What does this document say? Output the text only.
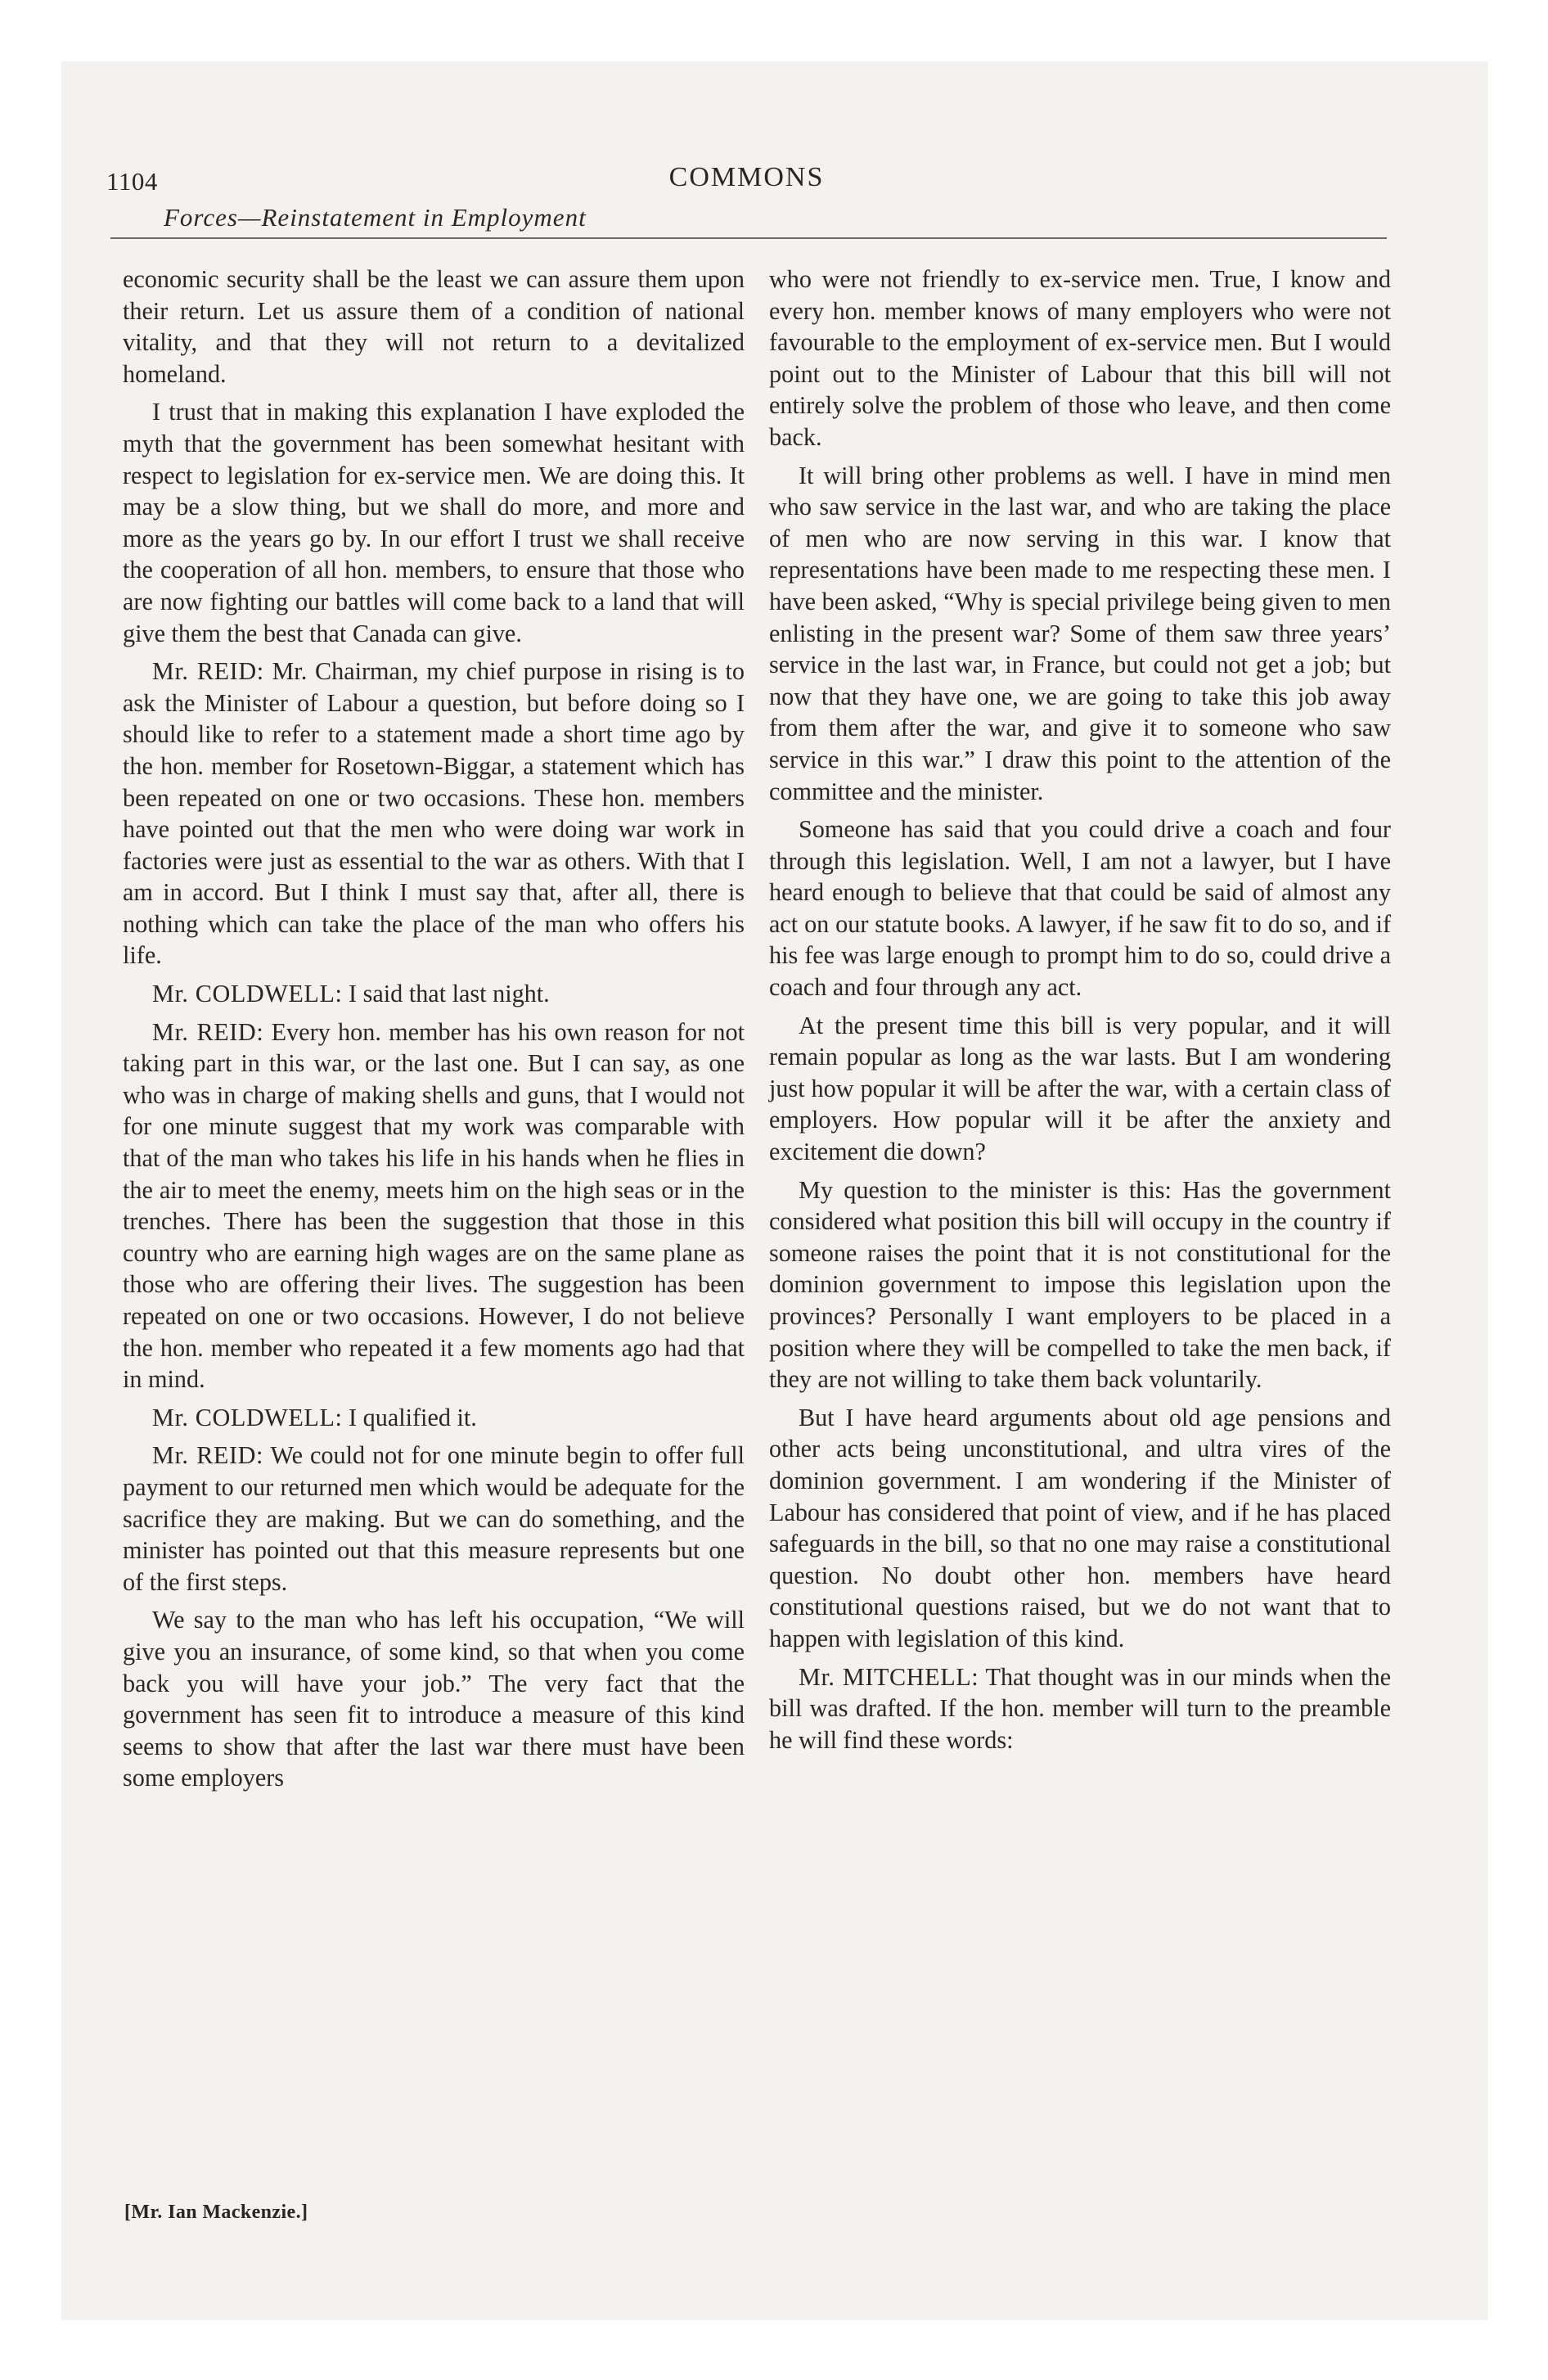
1104	COMMONS
Forces—Reinstatement in Employment

economic security shall be the least we can assure them upon their return. Let us assure them of a condition of national vitality, and that they will not return to a devitalized homeland.

I trust that in making this explanation I have exploded the myth that the government has been somewhat hesitant with respect to legislation for ex-service men. We are doing this. It may be a slow thing, but we shall do more, and more and more as the years go by. In our effort I trust we shall receive the cooperation of all hon. members, to ensure that those who are now fighting our battles will come back to a land that will give them the best that Canada can give.

Mr. REID: Mr. Chairman, my chief purpose in rising is to ask the Minister of Labour a question, but before doing so I should like to refer to a statement made a short time ago by the hon. member for Rosetown-Biggar, a statement which has been repeated on one or two occasions. These hon. members have pointed out that the men who were doing war work in factories were just as essential to the war as others. With that I am in accord. But I think I must say that, after all, there is nothing which can take the place of the man who offers his life.

Mr. COLDWELL: I said that last night.

Mr. REID: Every hon. member has his own reason for not taking part in this war, or the last one. But I can say, as one who was in charge of making shells and guns, that I would not for one minute suggest that my work was comparable with that of the man who takes his life in his hands when he flies in the air to meet the enemy, meets him on the high seas or in the trenches. There has been the suggestion that those in this country who are earning high wages are on the same plane as those who are offering their lives. The suggestion has been repeated on one or two occasions. However, I do not believe the hon. member who repeated it a few moments ago had that in mind.

Mr. COLDWELL: I qualified it.

Mr. REID: We could not for one minute begin to offer full payment to our returned men which would be adequate for the sacrifice they are making. But we can do something, and the minister has pointed out that this measure represents but one of the first steps.

We say to the man who has left his occupation, “We will give you an insurance, of some kind, so that when you come back you will have your job.” The very fact that the government has seen fit to introduce a measure of this kind seems to show that after the last war there must have been some employers

who were not friendly to ex-service men. True, I know and every hon. member knows of many employers who were not favourable to the employment of ex-service men. But I would point out to the Minister of Labour that this bill will not entirely solve the problem of those who leave, and then come back.

It will bring other problems as well. I have in mind men who saw service in the last war, and who are taking the place of men who are now serving in this war. I know that representations have been made to me respecting these men. I have been asked, “Why is special privilege being given to men enlisting in the present war? Some of them saw three years’ service in the last war, in France, but could not get a job; but now that they have one, we are going to take this job away from them after the war, and give it to someone who saw service in this war.” I draw this point to the attention of the committee and the minister.

Someone has said that you could drive a coach and four through this legislation. Well, I am not a lawyer, but I have heard enough to believe that that could be said of almost any act on our statute books. A lawyer, if he saw fit to do so, and if his fee was large enough to prompt him to do so, could drive a coach and four through any act.

At the present time this bill is very popular, and it will remain popular as long as the war lasts. But I am wondering just how popular it will be after the war, with a certain class of employers. How popular will it be after the anxiety and excitement die down?

My question to the minister is this: Has the government considered what position this bill will occupy in the country if someone raises the point that it is not constitutional for the dominion government to impose this legislation upon the provinces? Personally I want employers to be placed in a position where they will be compelled to take the men back, if they are not willing to take them back voluntarily.

But I have heard arguments about old age pensions and other acts being unconstitutional, and ultra vires of the dominion government. I am wondering if the Minister of Labour has considered that point of view, and if he has placed safeguards in the bill, so that no one may raise a constitutional question. No doubt other hon. members have heard constitutional questions raised, but we do not want that to happen with legislation of this kind.

Mr. MITCHELL: That thought was in our minds when the bill was drafted. If the hon. member will turn to the preamble he will find these words:

[Mr. Ian Mackenzie.]
